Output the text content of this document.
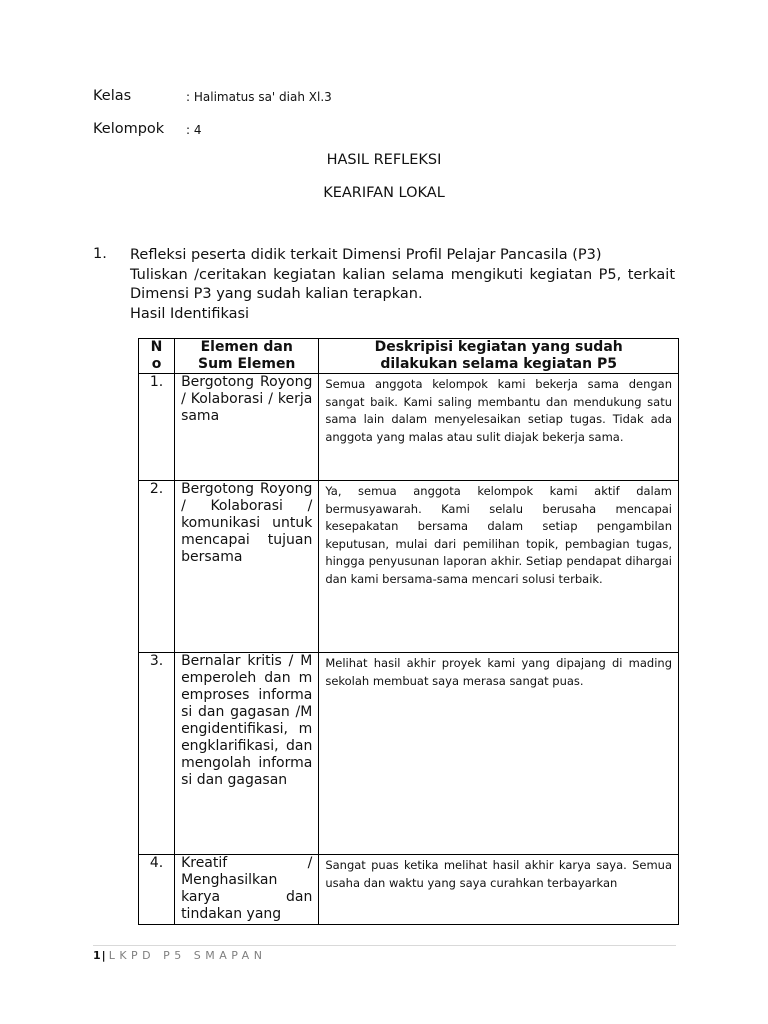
Kelas	: Halimatus sa' diah Xl.3
Kelompok : 4
HASIL REFLEKSI
KEARIFAN LOKAL
1. Refleksi peserta didik terkait Dimensi Profil Pelajar Pancasila (P3)
Tuliskan /ceritakan kegiatan kalian selama mengikuti kegiatan P5, terkait Dimensi P3 yang sudah kalian terapkan.
Hasil Identifikasi
N o	Elemen dan Sum Elemen	Deskripisi kegiatan yang sudah dilakukan selama kegiatan P5
1.	Bergotong Royong / Kolaborasi / kerja sama	Semua anggota kelompok kami bekerja sama dengan sangat baik. Kami saling membantu dan mendukung satu sama lain dalam menyelesaikan setiap tugas. Tidak ada anggota yang malas atau sulit diajak bekerja sama.
2.	Bergotong Royong / Kolaborasi / komunikasi untuk mencapai tujuan bersama	Ya, semua anggota kelompok kami aktif dalam bermusyawarah. Kami selalu berusaha mencapai kesepakatan bersama dalam setiap pengambilan keputusan, mulai dari pemilihan topik, pembagian tugas, hingga penyusunan laporan akhir. Setiap pendapat dihargai dan kami bersama-sama mencari solusi terbaik.
3.	Bernalar kritis / Memperoleh dan memproses informasi dan gagasan /Mengidentifikasi, mengklarifikasi, dan mengolah informasi dan gagasan	Melihat hasil akhir proyek kami yang dipajang di mading sekolah membuat saya merasa sangat puas.
4.	Kreatif / Menghasilkan karya dan tindakan yang	Sangat puas ketika melihat hasil akhir karya saya. Semua usaha dan waktu yang saya curahkan terbayarkan
1| LKPD P5 SMAPAN
